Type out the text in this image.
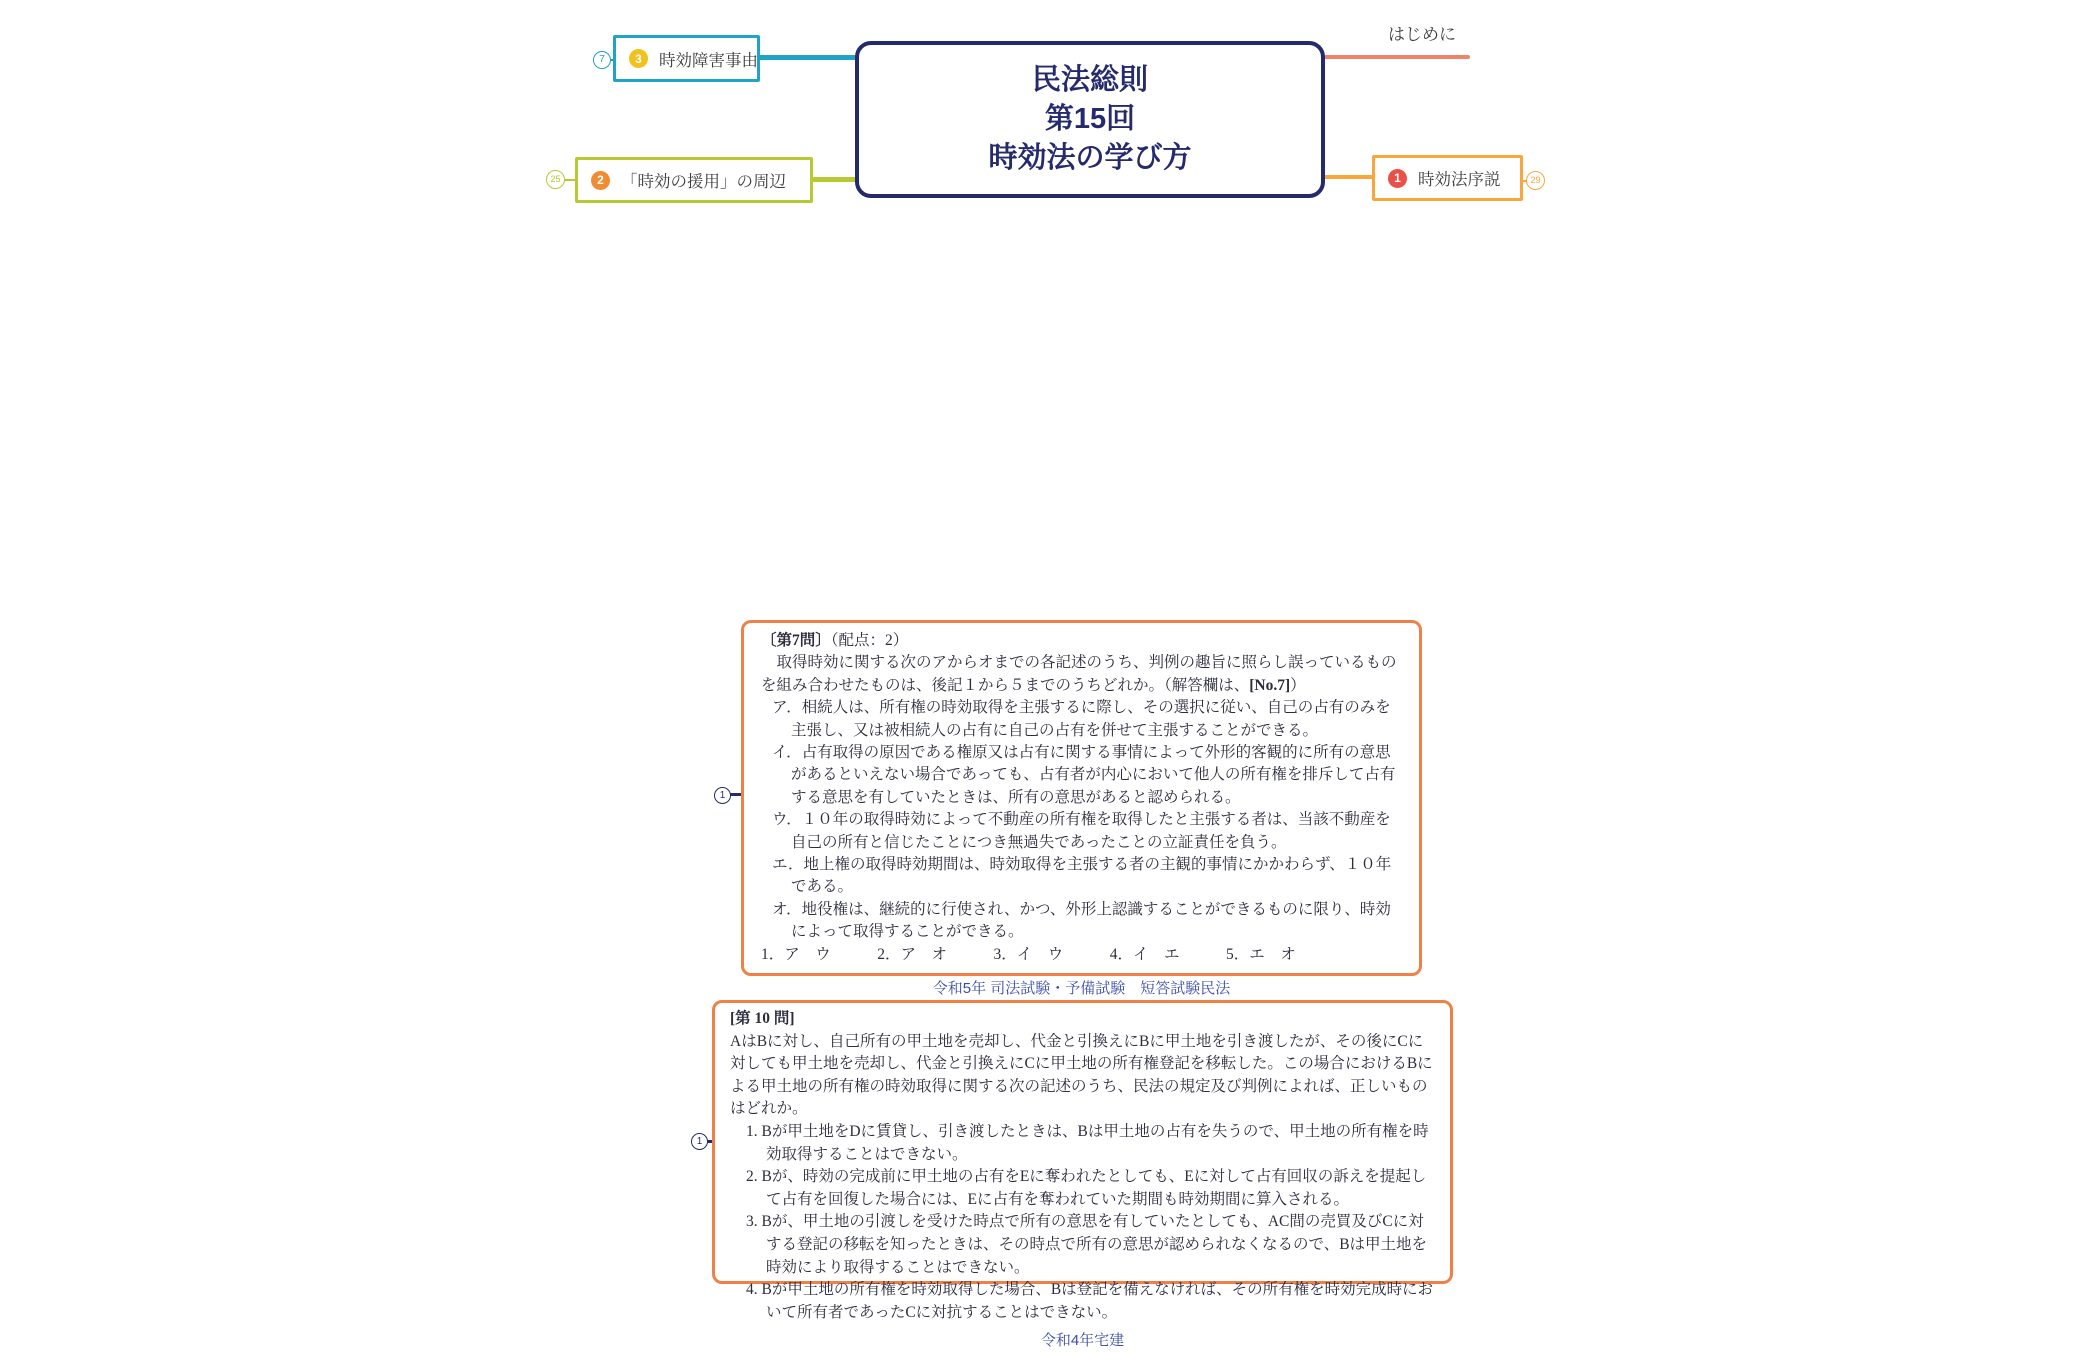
民法総則
第15回
時効法の学び方
はじめに
3	時効障害事由
7
2	「時効の援用」の周辺
25	1	時効法序説	29
1

〔第7問〕（配点：2）

　取得時効に関する次のアからオまでの各記述のうち、判例の趣旨に照らし誤っているものを組み合わせたものは、後記１から５までのうちどれか。（解答欄は、[No.7]）

ア．相続人は、所有権の時効取得を主張するに際し、その選択に従い、自己の占有のみを主張し、又は被相続人の占有に自己の占有を併せて主張することができる。

イ．占有取得の原因である権原又は占有に関する事情によって外形的客観的に所有の意思があるといえない場合であっても、占有者が内心において他人の所有権を排斥して占有する意思を有していたときは、所有の意思があると認められる。

ウ．１０年の取得時効によって不動産の所有権を取得したと主張する者は、当該不動産を自己の所有と信じたことにつき無過失であったことの立証責任を負う。

エ．地上権の取得時効期間は、時効取得を主張する者の主観的事情にかかわらず、１０年である。

オ．地役権は、継続的に行使され、かつ、外形上認識することができるものに限り、時効によって取得することができる。

1．ア　ウ　　　2．ア　オ　　　3．イ　ウ　　　4．イ　エ　　　5．エ　オ

令和5年 司法試験・予備試験　短答試験民法

1

[第 10 問]

AはBに対し、自己所有の甲土地を売却し、代金と引換えにBに甲土地を引き渡したが、その後にCに対しても甲土地を売却し、代金と引換えにCに甲土地の所有権登記を移転した。この場合におけるBによる甲土地の所有権の時効取得に関する次の記述のうち、民法の規定及び判例によれば、正しいものはどれか。

1. Bが甲土地をDに賃貸し、引き渡したときは、Bは甲土地の占有を失うので、甲土地の所有権を時効取得することはできない。

2. Bが、時効の完成前に甲土地の占有をEに奪われたとしても、Eに対して占有回収の訴えを提起して占有を回復した場合には、Eに占有を奪われていた期間も時効期間に算入される。

3. Bが、甲土地の引渡しを受けた時点で所有の意思を有していたとしても、AC間の売買及びCに対する登記の移転を知ったときは、その時点で所有の意思が認められなくなるので、Bは甲土地を時効により取得することはできない。

4. Bが甲土地の所有権を時効取得した場合、Bは登記を備えなければ、その所有権を時効完成時において所有者であったCに対抗することはできない。

令和4年宅建
